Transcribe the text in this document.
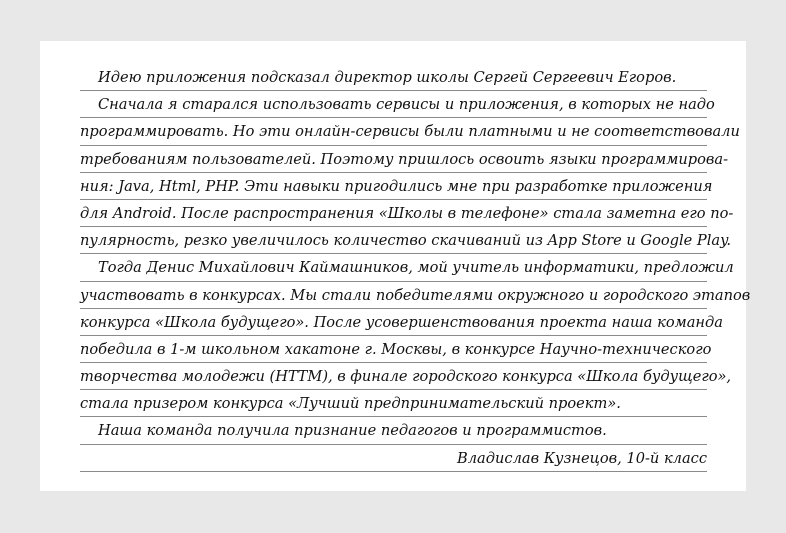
Идею приложения подсказал директор школы Сергей Сергеевич Егоров.
Сначала я старался использовать сервисы и приложения, в которых не надо
программировать. Но эти онлайн-сервисы были платными и не соответствовали
требованиям пользователей. Поэтому пришлось освоить языки программирова-
ния: Java, Html, PHP. Эти навыки пригодились мне при разработке приложения
для Android. После распространения «Школы в телефоне» стала заметна его по-
пулярность, резко увеличилось количество скачиваний из App Store и Google Play.
Тогда Денис Михайлович Каймашников, мой учитель информатики, предложил
участвовать в конкурсах. Мы стали победителями окружного и городского этапов
конкурса «Школа будущего». После усовершенствования проекта наша команда
победила в 1-м школьном хакатоне г. Москвы, в конкурсе Научно-технического
творчества молодежи (НТТМ), в финале городского конкурса «Школа будущего»,
стала призером конкурса «Лучший предпринимательский проект».
Наша команда получила признание педагогов и программистов.
Владислав Кузнецов, 10-й класс
